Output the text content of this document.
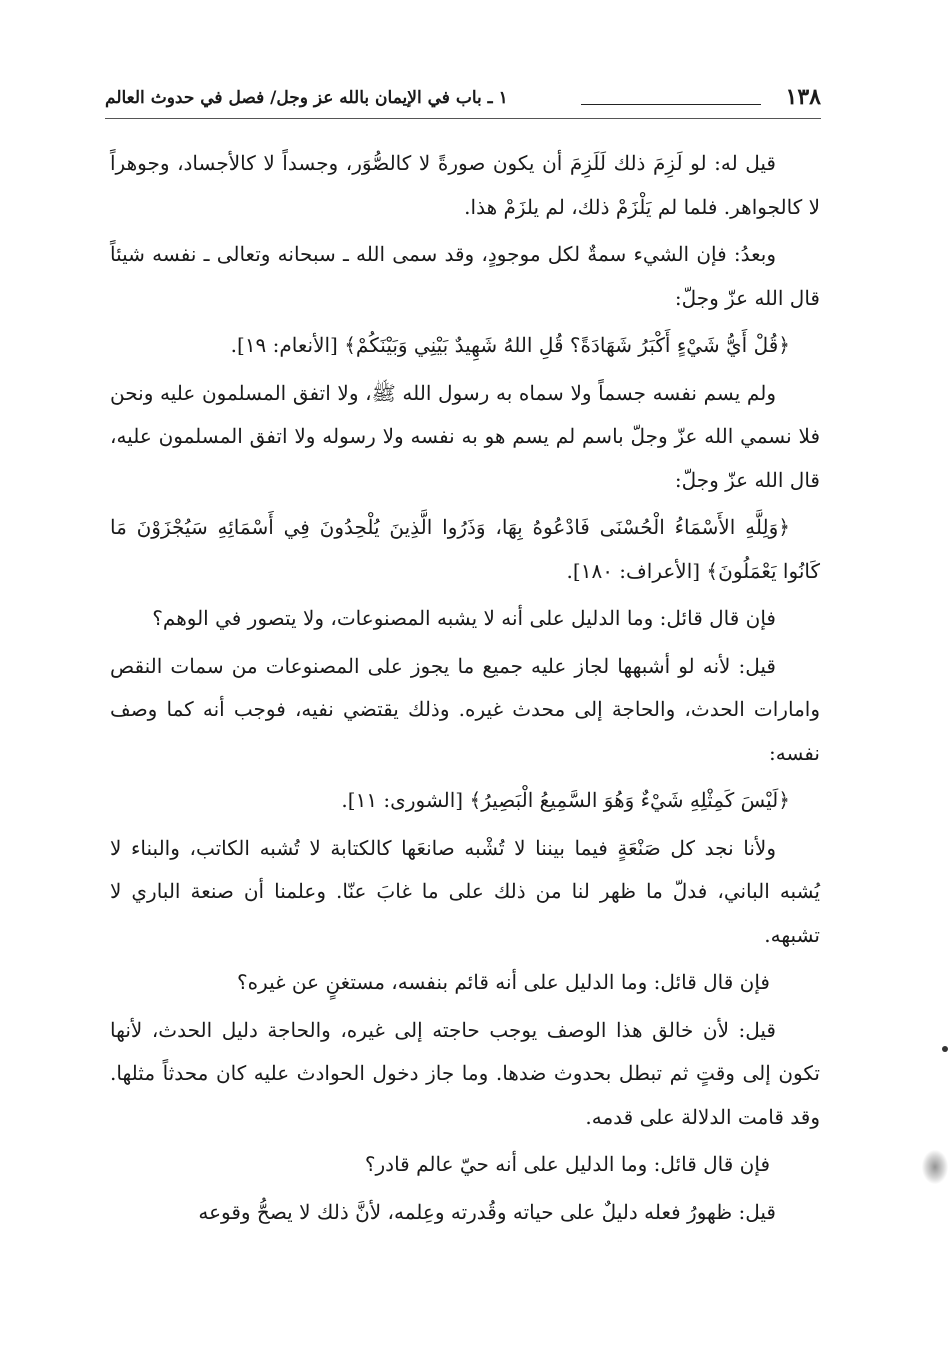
١٣٨
١ ـ باب في الإيمان بالله عز وجل/ فصل في حدوث العالم

قيل له: لو لَزِمَ ذلك لَلَزِمَ أن يكون صورةً لا كالصُّوَر، وجسداً لا كالأجساد، وجوهراً لا كالجواهر. فلما لم يَلْزَمْ ذلك، لم يلزَمْ هذا.

وبعدُ: فإن الشيء سمةٌ لكل موجودٍ، وقد سمى الله ـ سبحانه وتعالى ـ نفسه شيئاً قال الله عزّ وجلّ:

﴿قُلْ أَيُّ شَيْءٍ أَكْبَرُ شَهَادَةً؟ قُلِ اللهُ شَهِيدٌ بَيْنِي وَبَيْنَكُمْ﴾ [الأنعام: ١٩].

ولم يسم نفسه جسماً ولا سماه به رسول الله ﷺ، ولا اتفق المسلمون عليه ونحن فلا نسمي الله عزّ وجلّ باسم لم يسم هو به نفسه ولا رسوله ولا اتفق المسلمون عليه، قال الله عزّ وجلّ:

﴿وَلِلَّهِ الأَسْمَاءُ الْحُسْنَى فَادْعُوهُ بِهَا، وَذَرُوا الَّذِينَ يُلْحِدُونَ فِي أَسْمَائِهِ سَيُجْزَوْنَ مَا كَانُوا يَعْمَلُونَ﴾ [الأعراف: ١٨٠].

فإن قال قائل: وما الدليل على أنه لا يشبه المصنوعات، ولا يتصور في الوهم؟

قيل: لأنه لو أشبهها لجاز عليه جميع ما يجوز على المصنوعات من سمات النقص وامارات الحدث، والحاجة إلى محدث غيره. وذلك يقتضي نفيه، فوجب أنه كما وصف نفسه:

﴿لَيْسَ كَمِثْلِهِ شَيْءٌ وَهُوَ السَّمِيعُ الْبَصِيرُ﴾ [الشورى: ١١].

ولأنا نجد كل صَنْعَةٍ فيما بيننا لا تُشْبه صانعَها كالكتابة لا تُشبه الكاتب، والبناء لا يُشبه الباني، فدلّ ما ظهر لنا من ذلك على ما غابَ عنّا. وعلمنا أن صنعة الباري لا تشبهه.

فإن قال قائل: وما الدليل على أنه قائم بنفسه، مستغنٍ عن غيره؟

قيل: لأن خالق هذا الوصف يوجب حاجته إلى غيره، والحاجة دليل الحدث، لأنها تكون إلى وقتٍ ثم تبطل بحدوث ضدها. وما جاز دخول الحوادث عليه كان محدثاً مثلها. وقد قامت الدلالة على قدمه.

فإن قال قائل: وما الدليل على أنه حيّ عالم قادر؟

قيل: ظهورُ فعله دليلٌ على حياته وقُدرته وعِلمه، لأنَّ ذلك لا يصحُّ وقوعه
